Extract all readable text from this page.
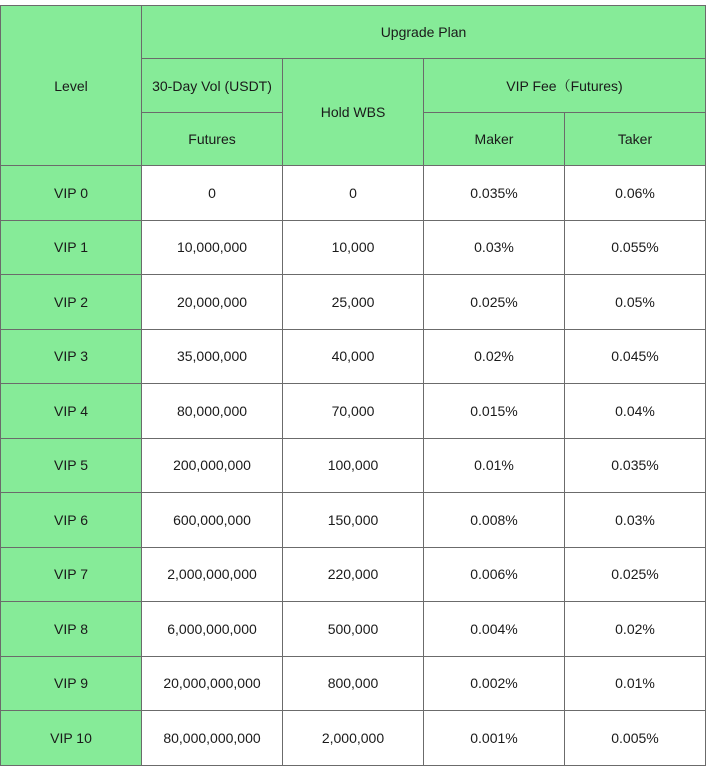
Level	Upgrade Plan			
	30-Day Vol (USDT)	Hold WBS	VIP Fee（Futures)	
	Futures		Maker	Taker
VIP 0	0	0	0.035%	0.06%
VIP 1	10,000,000	10,000	0.03%	0.055%
VIP 2	20,000,000	25,000	0.025%	0.05%
VIP 3	35,000,000	40,000	0.02%	0.045%
VIP 4	80,000,000	70,000	0.015%	0.04%
VIP 5	200,000,000	100,000	0.01%	0.035%
VIP 6	600,000,000	150,000	0.008%	0.03%
VIP 7	2,000,000,000	220,000	0.006%	0.025%
VIP 8	6,000,000,000	500,000	0.004%	0.02%
VIP 9	20,000,000,000	800,000	0.002%	0.01%
VIP 10	80,000,000,000	2,000,000	0.001%	0.005%
